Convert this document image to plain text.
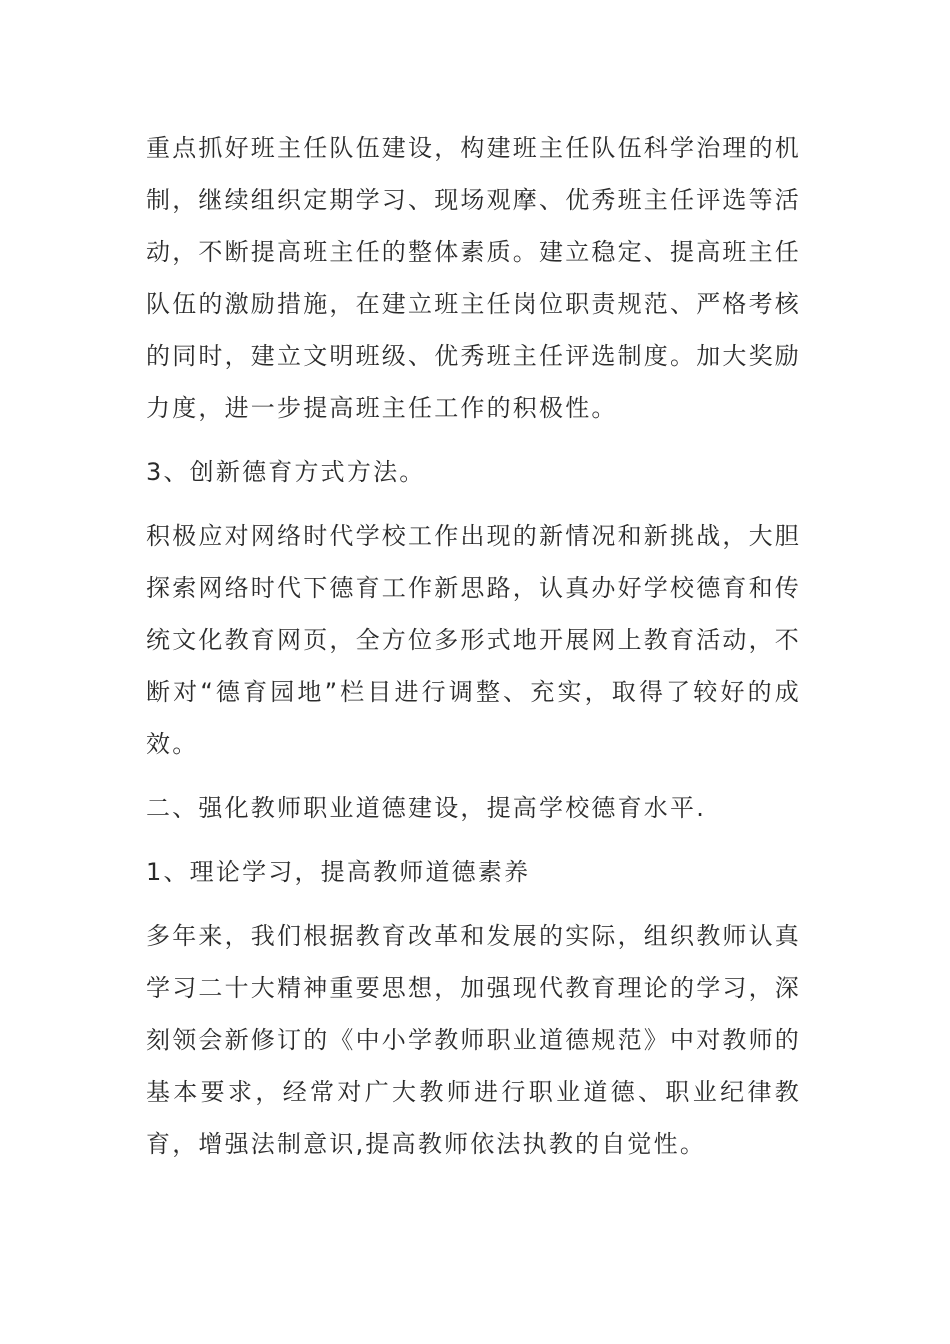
重点抓好班主任队伍建设，构建班主任队伍科学治理的机制，继续组织定期学习、现场观摩、优秀班主任评选等活动，不断提高班主任的整体素质。建立稳定、提高班主任队伍的激励措施，在建立班主任岗位职责规范、严格考核的同时，建立文明班级、优秀班主任评选制度。加大奖励力度，进一步提高班主任工作的积极性。

3、创新德育方式方法。

积极应对网络时代学校工作出现的新情况和新挑战，大胆探索网络时代下德育工作新思路，认真办好学校德育和传统文化教育网页，全方位多形式地开展网上教育活动，不断对“德育园地”栏目进行调整、充实，取得了较好的成效。

二、强化教师职业道德建设，提高学校德育水平.

1、理论学习，提高教师道德素养

多年来，我们根据教育改革和发展的实际，组织教师认真学习二十大精神重要思想，加强现代教育理论的学习，深刻领会新修订的《中小学教师职业道德规范》中对教师的基本要求，经常对广大教师进行职业道德、职业纪律教育，增强法制意识,提高教师依法执教的自觉性。
